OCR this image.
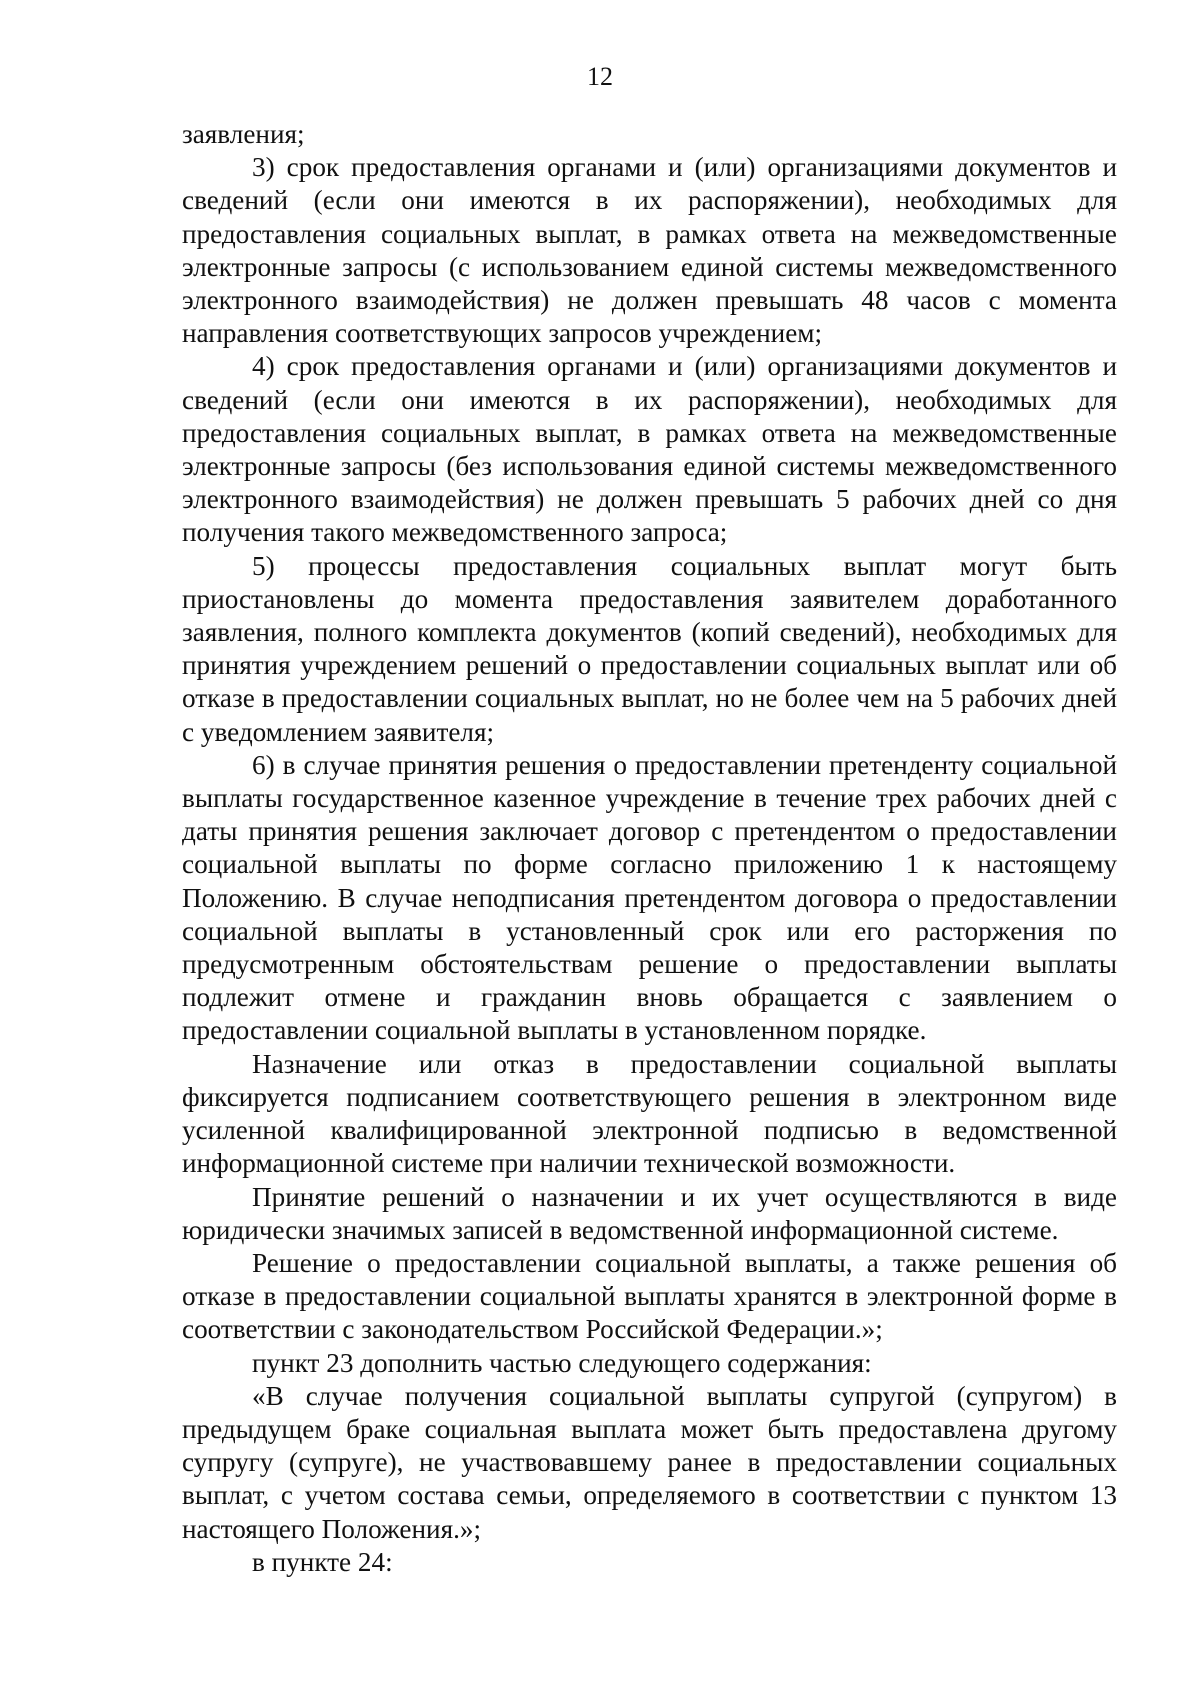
12

заявления;

3) срок предоставления органами и (или) организациями документов и сведений (если они имеются в их распоряжении), необходимых для предоставления социальных выплат, в рамках ответа на межведомственные электронные запросы (с использованием единой системы межведомственного электронного взаимодействия) не должен превышать 48 часов с момента направления соответствующих запросов учреждением;

4) срок предоставления органами и (или) организациями документов и сведений (если они имеются в их распоряжении), необходимых для предоставления социальных выплат, в рамках ответа на межведомственные электронные запросы (без использования единой системы межведомственного электронного взаимодействия) не должен превышать 5 рабочих дней со дня получения такого межведомственного запроса;

5) процессы предоставления социальных выплат могут быть приостановлены до момента предоставления заявителем доработанного заявления, полного комплекта документов (копий сведений), необходимых для принятия учреждением решений о предоставлении социальных выплат или об отказе в предоставлении социальных выплат, но не более чем на 5 рабочих дней с уведомлением заявителя;

6) в случае принятия решения о предоставлении претенденту социальной выплаты государственное казенное учреждение в течение трех рабочих дней с даты принятия решения заключает договор с претендентом о предоставлении социальной выплаты по форме согласно приложению 1 к настоящему Положению. В случае неподписания претендентом договора о предоставлении социальной выплаты в установленный срок или его расторжения по предусмотренным обстоятельствам решение о предоставлении выплаты подлежит отмене и гражданин вновь обращается с заявлением о предоставлении социальной выплаты в установленном порядке.

Назначение или отказ в предоставлении социальной выплаты фиксируется подписанием соответствующего решения в электронном виде усиленной квалифицированной электронной подписью в ведомственной информационной системе при наличии технической возможности.

Принятие решений о назначении и их учет осуществляются в виде юридически значимых записей в ведомственной информационной системе.

Решение о предоставлении социальной выплаты, а также решения об отказе в предоставлении социальной выплаты хранятся в электронной форме в соответствии с законодательством Российской Федерации.»;

пункт 23 дополнить частью следующего содержания:

«В случае получения социальной выплаты супругой (супругом) в предыдущем браке социальная выплата может быть предоставлена другому супругу (супруге), не участвовавшему ранее в предоставлении социальных выплат, с учетом состава семьи, определяемого в соответствии с пунктом 13 настоящего Положения.»;

в пункте 24:
